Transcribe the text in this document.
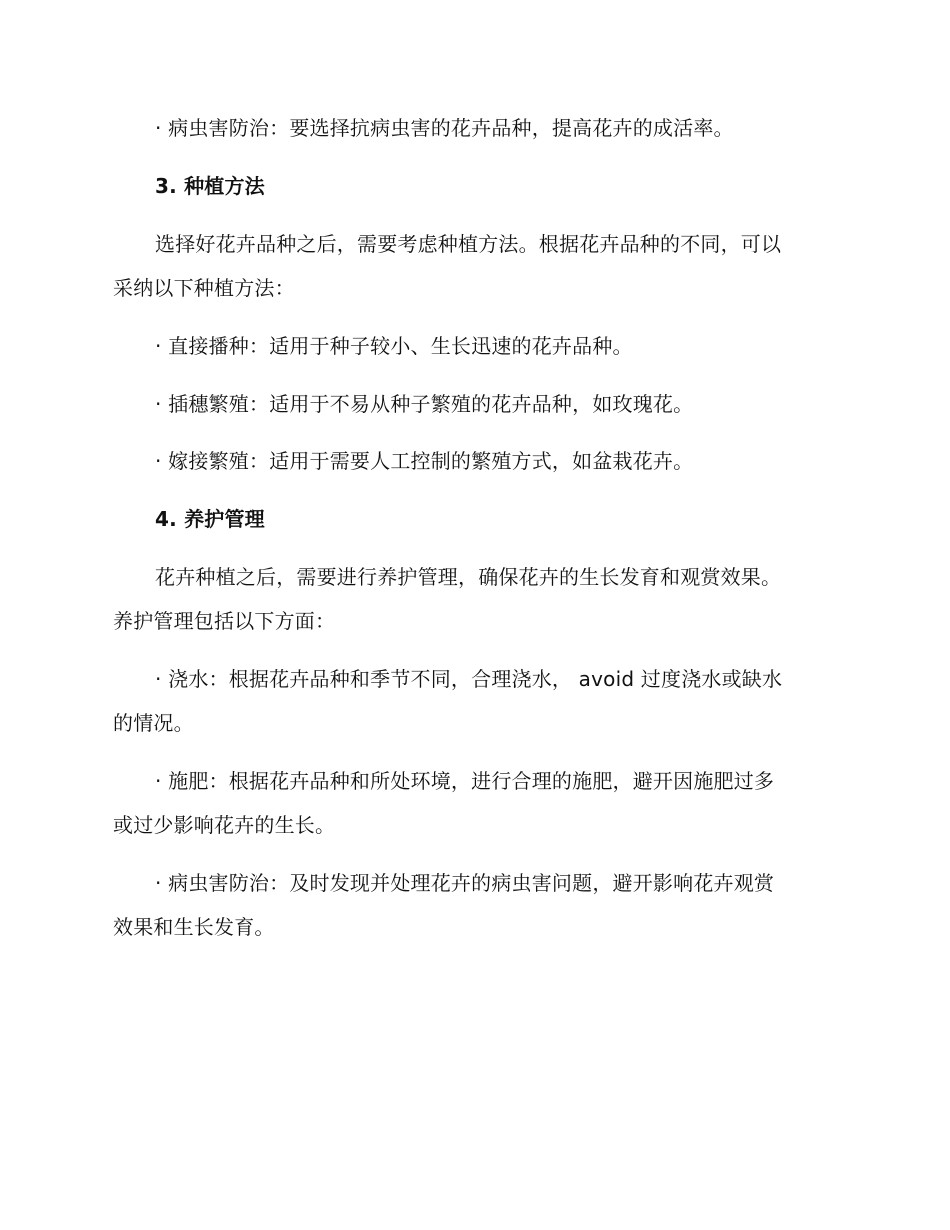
· 病虫害防治：要选择抗病虫害的花卉品种，提高花卉的成活率。
3. 种植方法
选择好花卉品种之后，需要考虑种植方法。根据花卉品种的不同，可以
采纳以下种植方法：
· 直接播种：适用于种子较小、生长迅速的花卉品种。
· 插穗繁殖：适用于不易从种子繁殖的花卉品种，如玫瑰花。
· 嫁接繁殖：适用于需要人工控制的繁殖方式，如盆栽花卉。
4. 养护管理
花卉种植之后，需要进行养护管理，确保花卉的生长发育和观赏效果。
养护管理包括以下方面：
· 浇水：根据花卉品种和季节不同，合理浇水， avoid 过度浇水或缺水
的情况。
· 施肥：根据花卉品种和所处环境，进行合理的施肥，避开因施肥过多
或过少影响花卉的生长。
· 病虫害防治：及时发现并处理花卉的病虫害问题，避开影响花卉观赏
效果和生长发育。
